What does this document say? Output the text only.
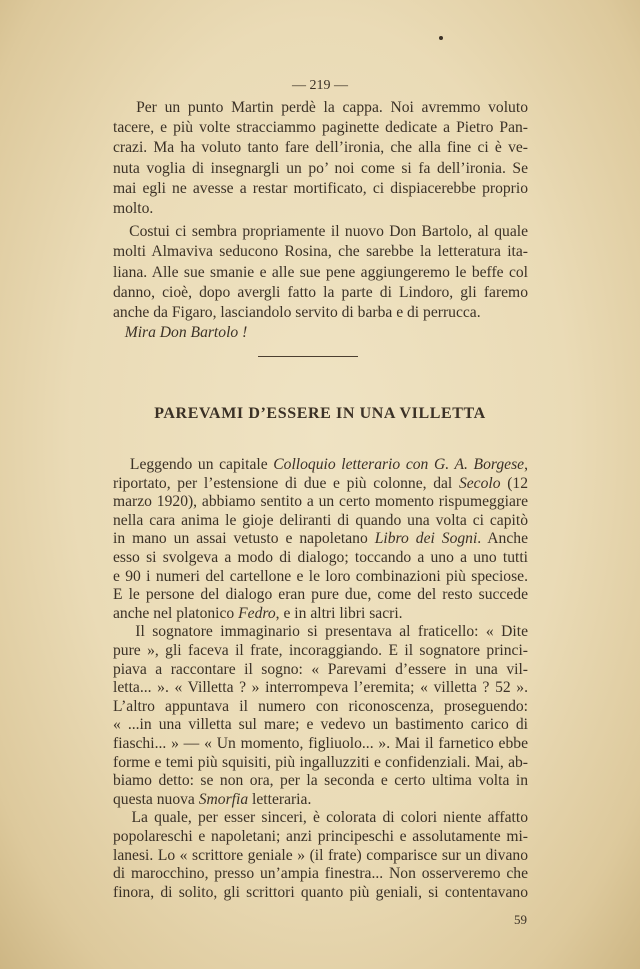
— 219 —
Per un punto Martin perdè la cappa. Noi avremmo voluto
tacere, e più volte stracciammo paginette dedicate a Pietro Pan-
crazi. Ma ha voluto tanto fare dell’ironia, che alla fine ci è ve-
nuta voglia di insegnargli un po’ noi come si fa dell’ironia. Se
mai egli ne avesse a restar mortificato, ci dispiacerebbe proprio
molto.
Costui ci sembra propriamente il nuovo Don Bartolo, al quale
molti Almaviva seducono Rosina, che sarebbe la letteratura ita-
liana. Alle sue smanie e alle sue pene aggiungeremo le beffe col
danno, cioè, dopo avergli fatto la parte di Lindoro, gli faremo
anche da Figaro, lasciandolo servito di barba e di perrucca.
Mira Don Bartolo !
PAREVAMI D’ESSERE IN UNA VILLETTA
Leggendo un capitale Colloquio letterario con G. A. Borgese,
riportato, per l’estensione di due e più colonne, dal Secolo (12
marzo 1920), abbiamo sentito a un certo momento rispumeggiare
nella cara anima le gioje deliranti di quando una volta ci capitò
in mano un assai vetusto e napoletano Libro dei Sogni. Anche
esso si svolgeva a modo di dialogo; toccando a uno a uno tutti
e 90 i numeri del cartellone e le loro combinazioni più speciose.
E le persone del dialogo eran pure due, come del resto succede
anche nel platonico Fedro, e in altri libri sacri.
Il sognatore immaginario si presentava al fraticello: « Dite
pure », gli faceva il frate, incoraggiando. E il sognatore princi-
piava a raccontare il sogno: « Parevami d’essere in una vil-
letta... ». « Villetta ? » interrompeva l’eremita; « villetta ? 52 ».
L’altro appuntava il numero con riconoscenza, proseguendo:
« ...in una villetta sul mare; e vedevo un bastimento carico di
fiaschi... » — « Un momento, figliuolo... ». Mai il farnetico ebbe
forme e temi più squisiti, più ingalluzziti e confidenziali. Mai, ab-
biamo detto: se non ora, per la seconda e certo ultima volta in
questa nuova Smorfia letteraria.
La quale, per esser sinceri, è colorata di colori niente affatto
popolareschi e napoletani; anzi principeschi e assolutamente mi-
lanesi. Lo « scrittore geniale » (il frate) comparisce sur un divano
di marocchino, presso un’ampia finestra... Non osserveremo che
finora, di solito, gli scrittori quanto più geniali, si contentavano
59
